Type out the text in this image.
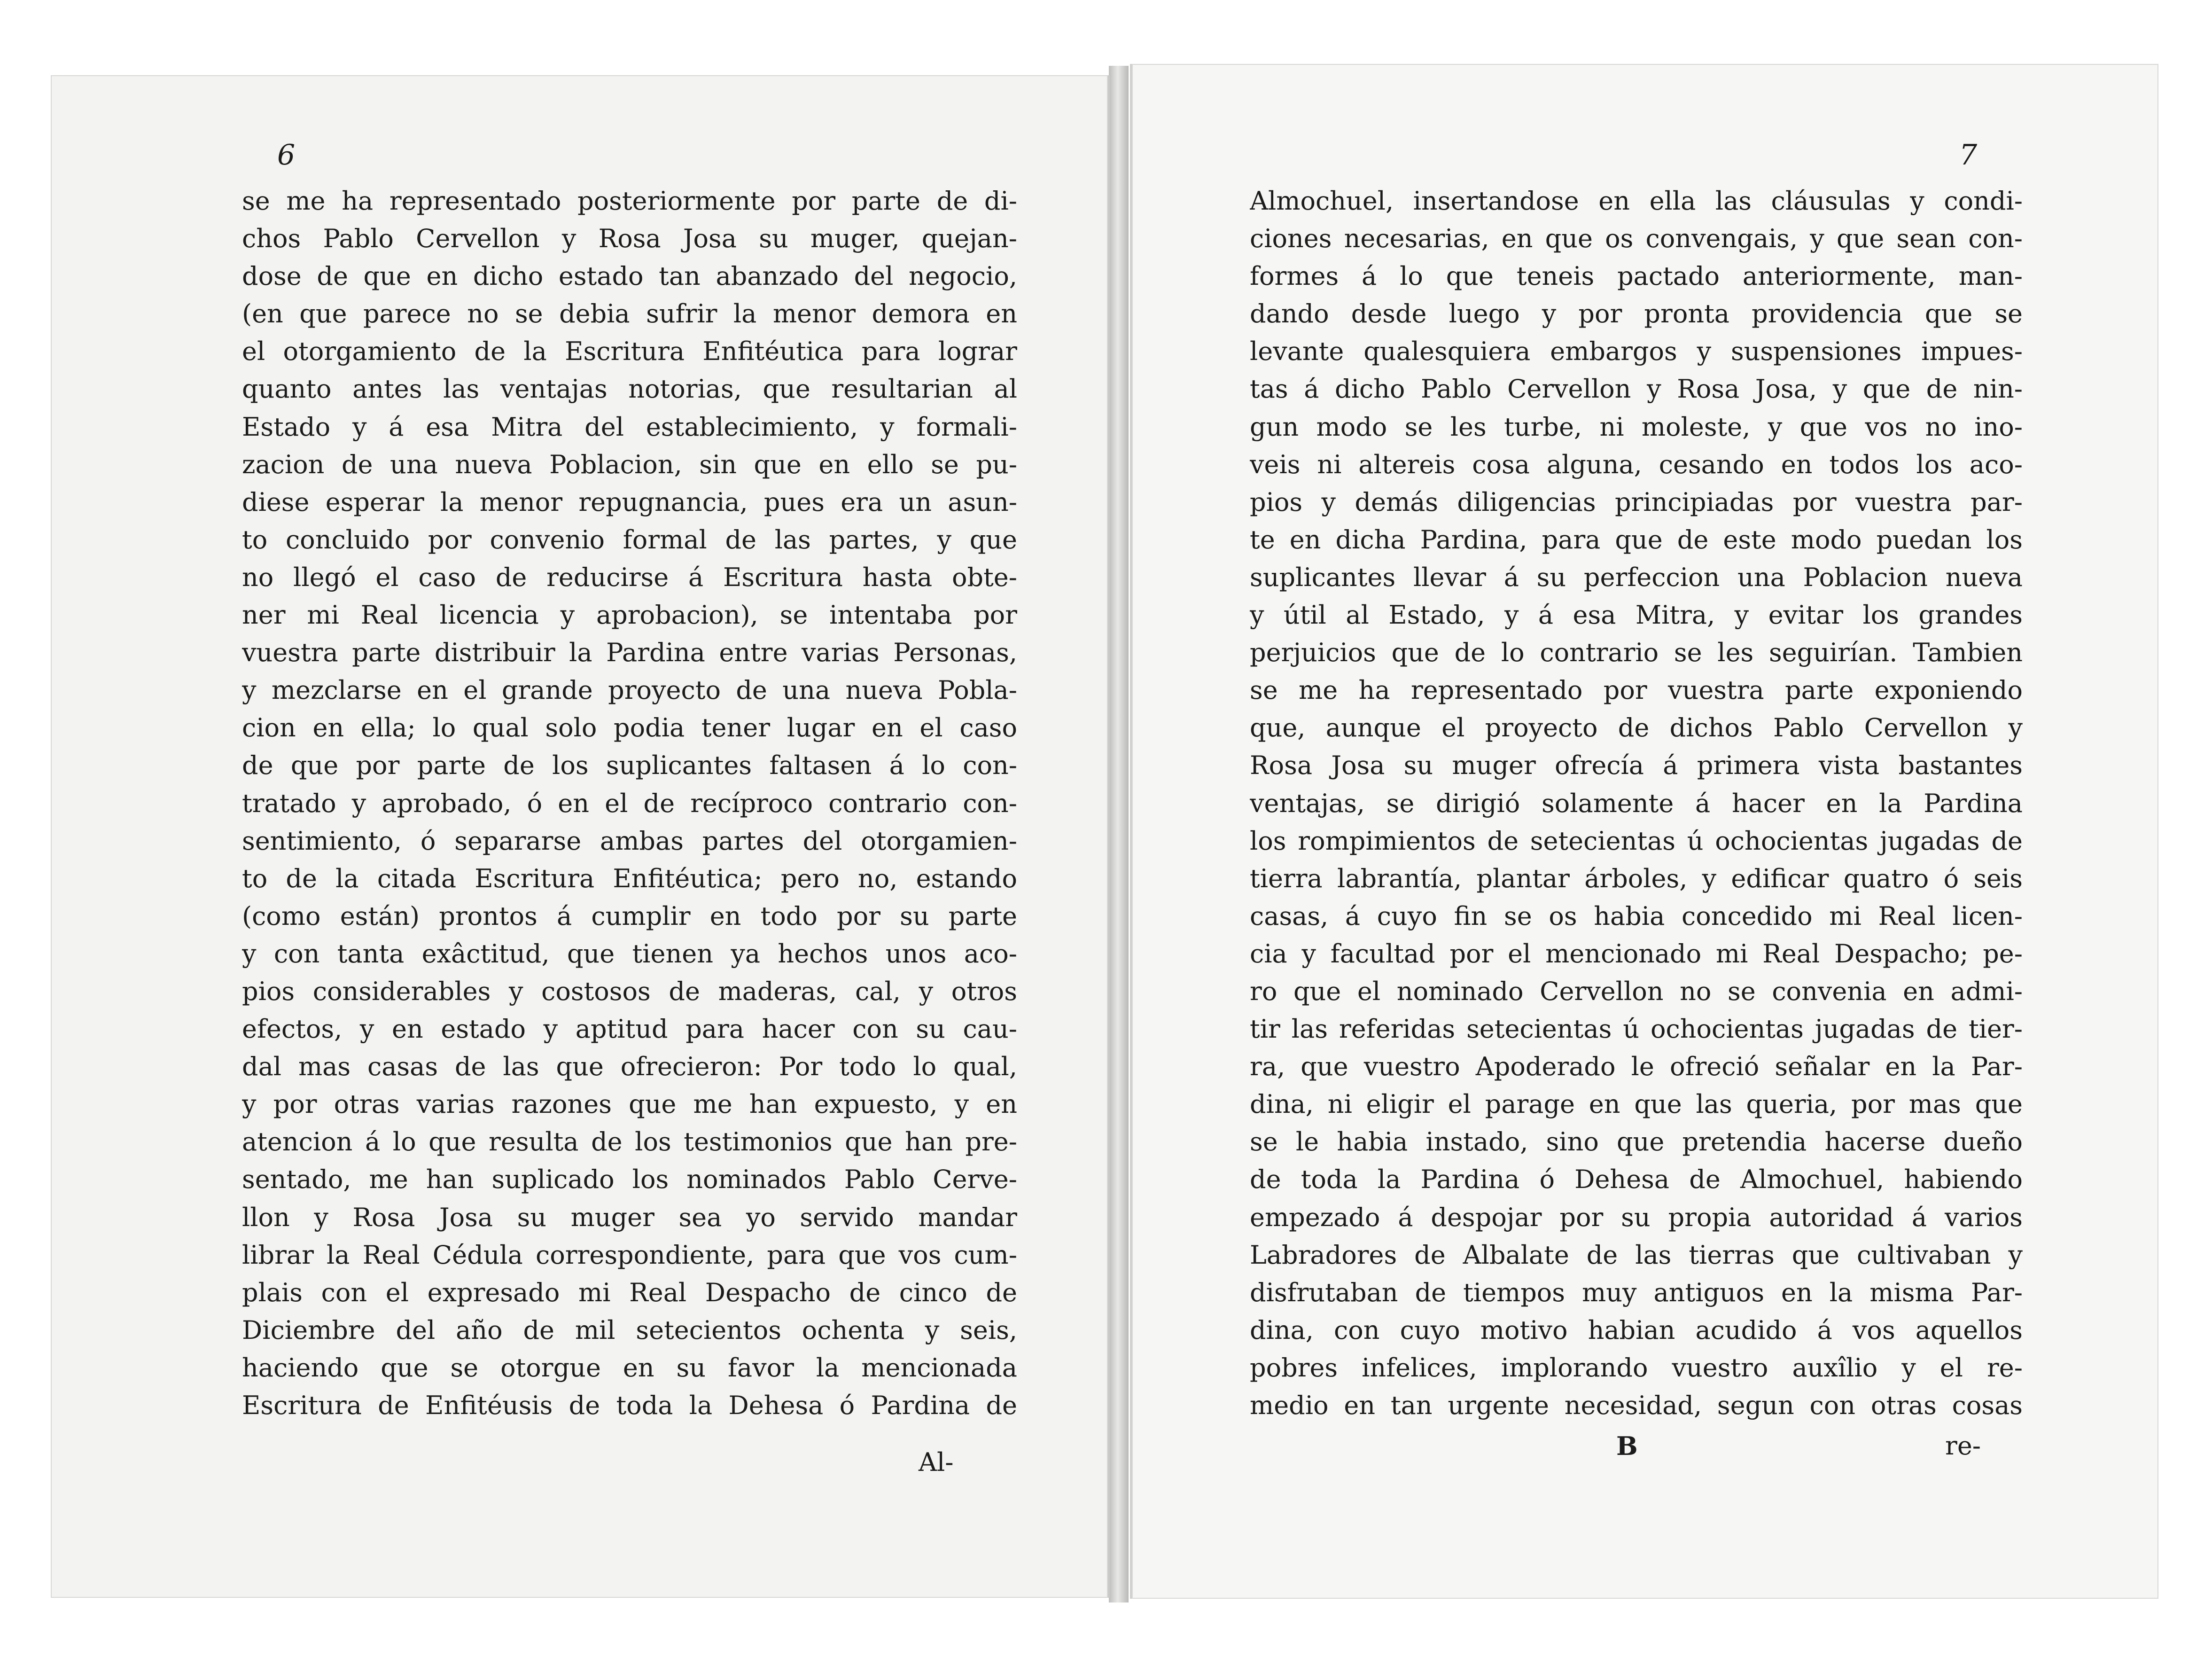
6	7
se me ha representado posteriormente por parte de di-
chos Pablo Cervellon y Rosa Josa su muger, quejan-
dose de que en dicho estado tan abanzado del negocio,
(en que parece no se debia sufrir la menor demora en
el otorgamiento de la Escritura Enfitéutica para lograr
quanto antes las ventajas notorias, que resultarian al
Estado y á esa Mitra del establecimiento, y formali-
zacion de una nueva Poblacion, sin que en ello se pu-
diese esperar la menor repugnancia, pues era un asun-
to concluido por convenio formal de las partes, y que
no llegó el caso de reducirse á Escritura hasta obte-
ner mi Real licencia y aprobacion), se intentaba por
vuestra parte distribuir la Pardina entre varias Personas,
y mezclarse en el grande proyecto de una nueva Pobla-
cion en ella; lo qual solo podia tener lugar en el caso
de que por parte de los suplicantes faltasen á lo con-
tratado y aprobado, ó en el de recíproco contrario con-
sentimiento, ó separarse ambas partes del otorgamien-
to de la citada Escritura Enfitéutica; pero no, estando
(como están) prontos á cumplir en todo por su parte
y con tanta exâctitud, que tienen ya hechos unos aco-
pios considerables y costosos de maderas, cal, y otros
efectos, y en estado y aptitud para hacer con su cau-
dal mas casas de las que ofrecieron: Por todo lo qual,
y por otras varias razones que me han expuesto, y en
atencion á lo que resulta de los testimonios que han pre-
sentado, me han suplicado los nominados Pablo Cerve-
llon y Rosa Josa su muger sea yo servido mandar
librar la Real Cédula correspondiente, para que vos cum-
plais con el expresado mi Real Despacho de cinco de
Diciembre del año de mil setecientos ochenta y seis,
haciendo que se otorgue en su favor la mencionada
Escritura de Enfitéusis de toda la Dehesa ó Pardina de
Almochuel, insertandose en ella las cláusulas y condi-
ciones necesarias, en que os convengais, y que sean con-
formes á lo que teneis pactado anteriormente, man-
dando desde luego y por pronta providencia que se
levante qualesquiera embargos y suspensiones impues-
tas á dicho Pablo Cervellon y Rosa Josa, y que de nin-
gun modo se les turbe, ni moleste, y que vos no ino-
veis ni altereis cosa alguna, cesando en todos los aco-
pios y demás diligencias principiadas por vuestra par-
te en dicha Pardina, para que de este modo puedan los
suplicantes llevar á su perfeccion una Poblacion nueva
y útil al Estado, y á esa Mitra, y evitar los grandes
perjuicios que de lo contrario se les seguirían. Tambien
se me ha representado por vuestra parte exponiendo
que, aunque el proyecto de dichos Pablo Cervellon y
Rosa Josa su muger ofrecía á primera vista bastantes
ventajas, se dirigió solamente á hacer en la Pardina
los rompimientos de setecientas ú ochocientas jugadas de
tierra labrantía, plantar árboles, y edificar quatro ó seis
casas, á cuyo fin se os habia concedido mi Real licen-
cia y facultad por el mencionado mi Real Despacho; pe-
ro que el nominado Cervellon no se convenia en admi-
tir las referidas setecientas ú ochocientas jugadas de tier-
ra, que vuestro Apoderado le ofreció señalar en la Par-
dina, ni eligir el parage en que las queria, por mas que
se le habia instado, sino que pretendia hacerse dueño
de toda la Pardina ó Dehesa de Almochuel, habiendo
empezado á despojar por su propia autoridad á varios
Labradores de Albalate de las tierras que cultivaban y
disfrutaban de tiempos muy antiguos en la misma Par-
dina, con cuyo motivo habian acudido á vos aquellos
pobres infelices, implorando vuestro auxîlio y el re-
medio en tan urgente necesidad, segun con otras cosas
Al-
B	re-
